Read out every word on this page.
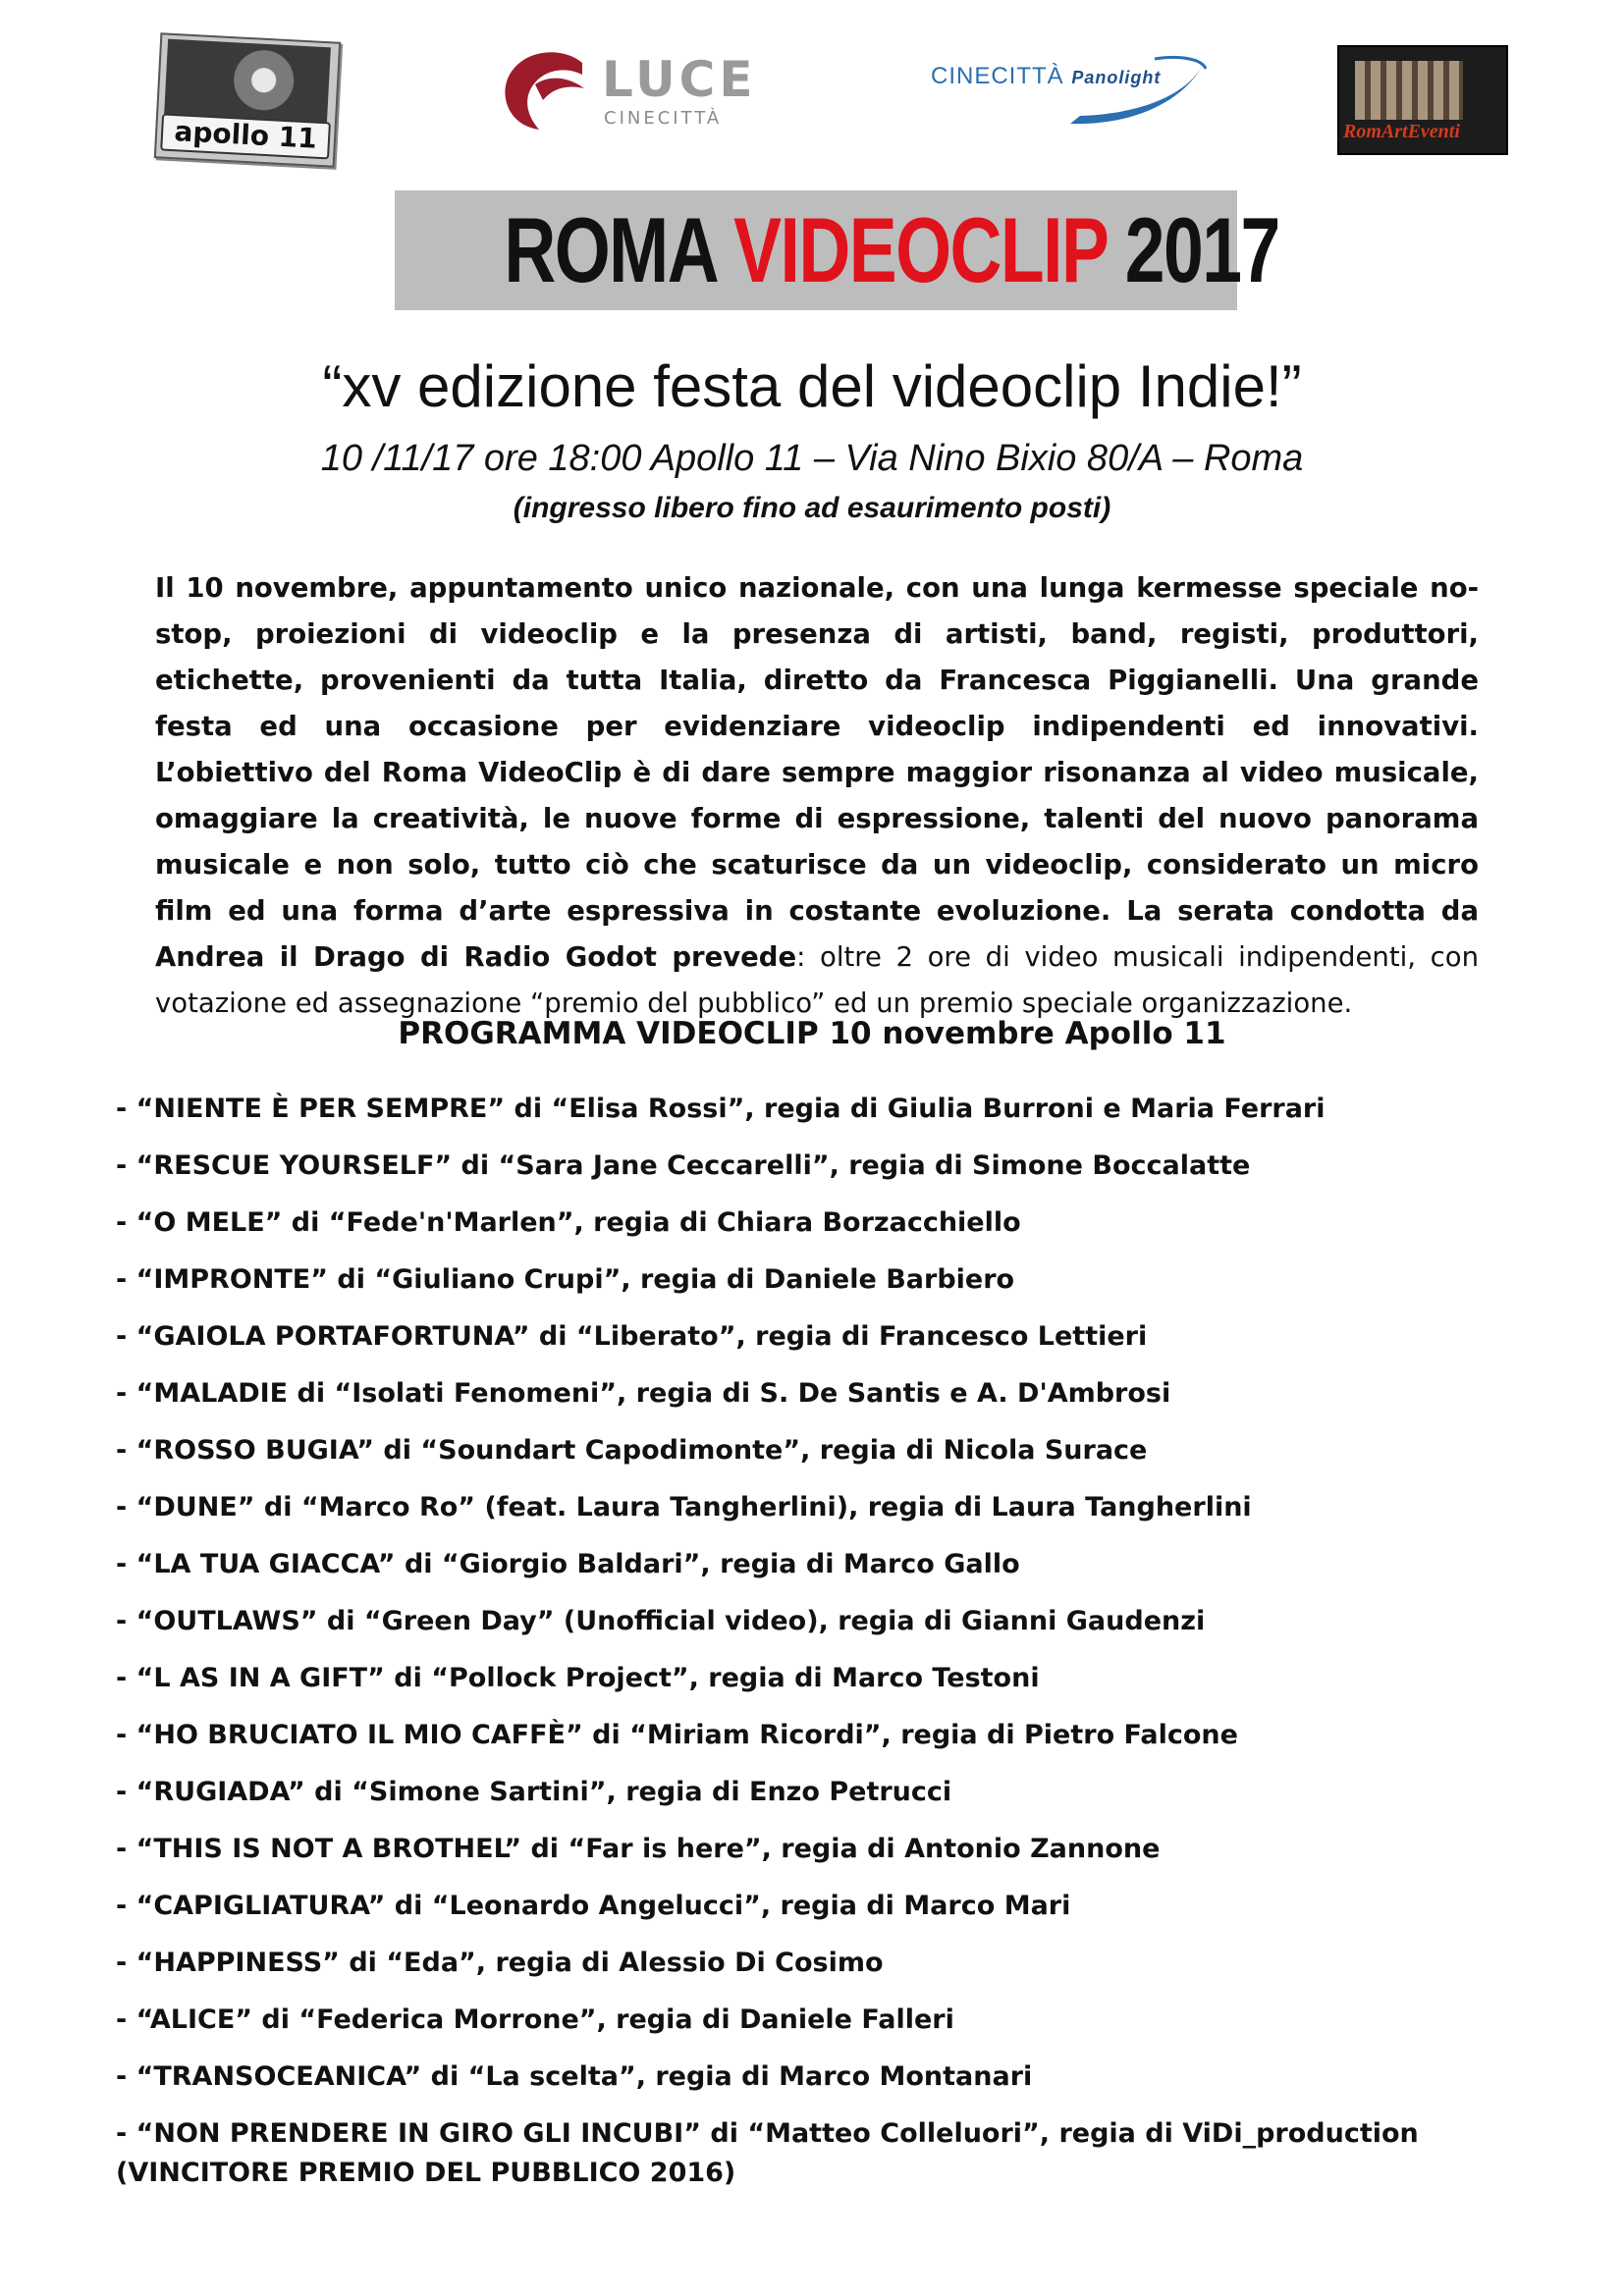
apollo 11
LUCE
CINECITTÀ
CINECITTÀ Panolight
RomArtEventi
ROMA VIDEOCLIP 2017
“xv edizione festa del videoclip Indie!”
10 /11/17 ore 18:00 Apollo 11 – Via Nino Bixio 80/A – Roma
(ingresso libero fino ad esaurimento posti)
Il 10 novembre, appuntamento unico nazionale, con una lunga kermesse speciale no-stop, proiezioni di videoclip e la presenza di artisti, band, registi, produttori, etichette, provenienti da tutta Italia, diretto da Francesca Piggianelli. Una grande festa ed una occasione per evidenziare videoclip indipendenti ed innovativi. L’obiettivo del Roma VideoClip è di dare sempre maggior risonanza al video musicale, omaggiare la creatività, le nuove forme di espressione, talenti del nuovo panorama musicale e non solo, tutto ciò che scaturisce da un videoclip, considerato un micro film ed una forma d’arte espressiva in costante evoluzione. La serata condotta da Andrea il Drago di Radio Godot prevede: oltre 2 ore di video musicali indipendenti, con votazione ed assegnazione “premio del pubblico” ed un premio speciale organizzazione.
PROGRAMMA VIDEOCLIP 10 novembre Apollo 11
- “NIENTE È PER SEMPRE” di “Elisa Rossi”, regia di Giulia Burroni e Maria Ferrari
- “RESCUE YOURSELF” di “Sara Jane Ceccarelli”, regia di Simone Boccalatte
- “O MELE” di “Fede'n'Marlen”, regia di Chiara Borzacchiello
- “IMPRONTE” di “Giuliano Crupi”, regia di Daniele Barbiero
- “GAIOLA PORTAFORTUNA” di “Liberato”, regia di Francesco Lettieri
- “MALADIE di “Isolati Fenomeni”, regia di S. De Santis e A. D'Ambrosi
- “ROSSO BUGIA” di “Soundart Capodimonte”, regia di Nicola Surace
- “DUNE” di “Marco Ro” (feat. Laura Tangherlini), regia di Laura Tangherlini
- “LA TUA GIACCA” di “Giorgio Baldari”, regia di Marco Gallo
- “OUTLAWS” di “Green Day” (Unofficial video), regia di Gianni Gaudenzi
- “L AS IN A GIFT” di “Pollock Project”, regia di Marco Testoni
- “HO BRUCIATO IL MIO CAFFÈ” di “Miriam Ricordi”, regia di Pietro Falcone
- “RUGIADA” di “Simone Sartini”, regia di Enzo Petrucci
- “THIS IS NOT A BROTHEL” di “Far is here”, regia di Antonio Zannone
- “CAPIGLIATURA” di “Leonardo Angelucci”, regia di Marco Mari
- “HAPPINESS” di “Eda”, regia di Alessio Di Cosimo
- “ALICE” di “Federica Morrone”, regia di Daniele Falleri
- “TRANSOCEANICA” di “La scelta”, regia di Marco Montanari
- “NON PRENDERE IN GIRO GLI INCUBI” di “Matteo Colleluori”, regia di ViDi_production (VINCITORE PREMIO DEL PUBBLICO 2016)
